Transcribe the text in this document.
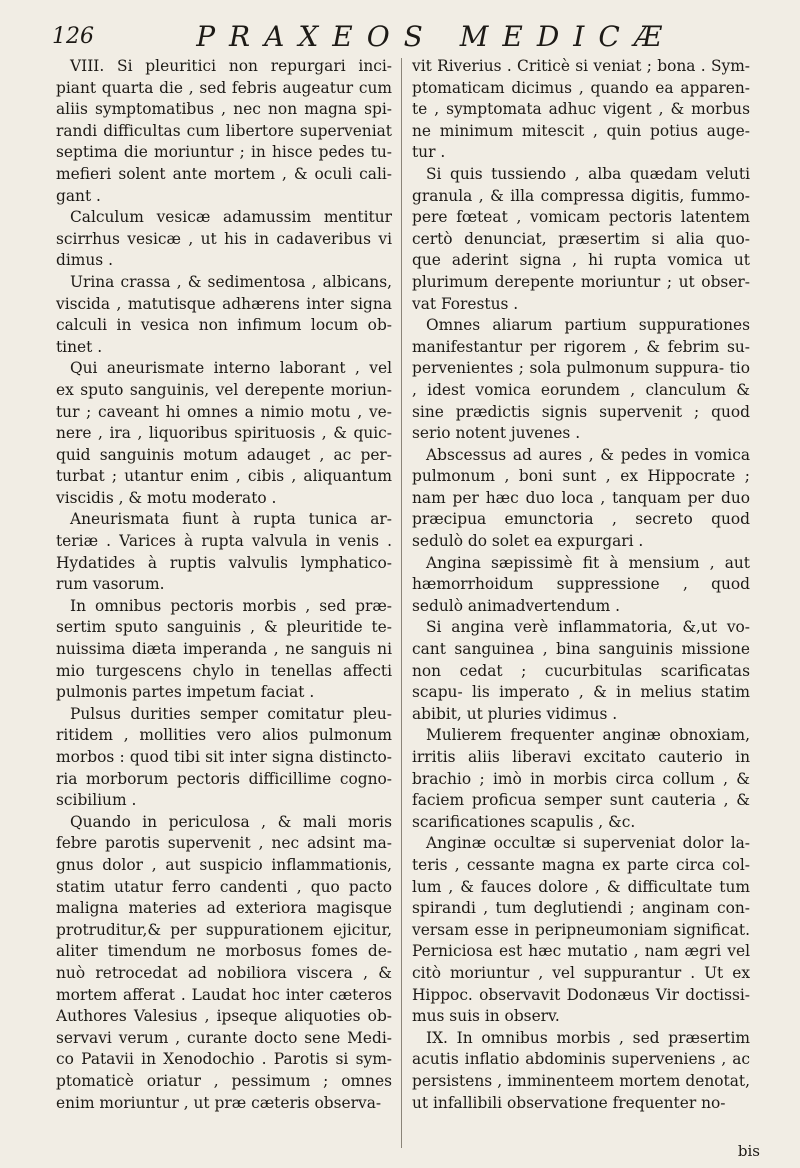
126	PRAXEOS MEDICÆ

VIII. Si pleuritici non repurgari inci- piant quarta die , sed febris augeatur cum aliis symptomatibus , nec non magna spi- randi difficultas cum libertore superveniat septima die moriuntur ; in hisce pedes tu- mefieri solent ante mortem , & oculi cali- gant .

Calculum vesicæ adamussim mentitur scirrhus vesicæ , ut his in cadaveribus vi dimus .

Urina crassa , & sedimentosa , albicans, viscida , matutisque adhærens inter signa calculi in vesica non infimum locum ob- tinet .

Qui aneurismate interno laborant , vel ex sputo sanguinis, vel derepente moriun- tur ; caveant hi omnes a nimio motu , ve- nere , ira , liquoribus spirituosis , & quic- quid sanguinis motum adauget , ac per- turbat ; utantur enim , cibis , aliquantum viscidis , & motu moderato .

Aneurismata fiunt à rupta tunica ar- teriæ . Varices à rupta valvula in venis . Hydatides à ruptis valvulis lymphatico- rum vasorum.

In omnibus pectoris morbis , sed præ- sertim sputo sanguinis , & pleuritide te- nuissima diæta imperanda , ne sanguis ni mio turgescens chylo in tenellas affecti pulmonis partes impetum faciat .

Pulsus durities semper comitatur pleu- ritidem , mollities vero alios pulmonum morbos : quod tibi sit inter signa distincto- ria morborum pectoris difficillime cogno- scibilium .

Quando in periculosa , & mali moris febre parotis supervenit , nec adsint ma- gnus dolor , aut suspicio inflammationis, statim utatur ferro candenti , quo pacto maligna materies ad exteriora magisque protruditur,& per suppurationem ejicitur, aliter timendum ne morbosus fomes de- nuò retrocedat ad nobiliora viscera , & mortem afferat . Laudat hoc inter cæteros Authores Valesius , ipseque aliquoties ob- servavi verum , curante docto sene Medi- co Patavii in Xenodochio . Parotis si sym- ptomaticè oriatur , pessimum ; omnes enim moriuntur , ut præ cæteris observa-

vit Riverius . Criticè si veniat ; bona . Sym- ptomaticam dicimus , quando ea apparen- te , symptomata adhuc vigent , & morbus ne minimum mitescit , quin potius auge- tur .

Si quis tussiendo , alba quædam veluti granula , & illa compressa digitis, fummo- pere fœteat , vomicam pectoris latentem certò denunciat, præsertim si alia quo- que aderint signa , hi rupta vomica ut plurimum derepente moriuntur ; ut obser- vat Forestus .

Omnes aliarum partium suppurationes manifestantur per rigorem , & febrim su- pervenientes ; sola pulmonum suppura- tio , idest vomica eorundem , clanculum & sine prædictis signis supervenit ; quod serio notent juvenes .

Abscessus ad aures , & pedes in vomica pulmonum , boni sunt , ex Hippocrate ; nam per hæc duo loca , tanquam per duo præcipua emunctoria , secreto quod sedulò do solet ea expurgari .

Angina sæpissimè fit à mensium , aut hæmorrhoidum suppressione , quod sedulò animadvertendum .

Si angina verè inflammatoria, &,ut vo- cant sanguinea , bina sanguinis missione non cedat ; cucurbitulas scarificatas scapu- lis imperato , & in melius statim abibit, ut pluries vidimus .

Mulierem frequenter anginæ obnoxiam, irritis aliis liberavi excitato cauterio in brachio ; imò in morbis circa collum , & faciem proficua semper sunt cauteria , & scarificationes scapulis , &c.

Anginæ occultæ si superveniat dolor la- teris , cessante magna ex parte circa col- lum , & fauces dolore , & difficultate tum spirandi , tum deglutiendi ; anginam con- versam esse in peripneumoniam significat. Perniciosa est hæc mutatio , nam ægri vel citò moriuntur , vel suppurantur . Ut ex Hippoc. observavit Dodonæus Vir doctissi- mus suis in observ.

IX. In omnibus morbis , sed præsertim acutis inflatio abdominis superveniens , ac persistens , imminenteem mortem denotat, ut infallibili observatione frequenter no-

bis
